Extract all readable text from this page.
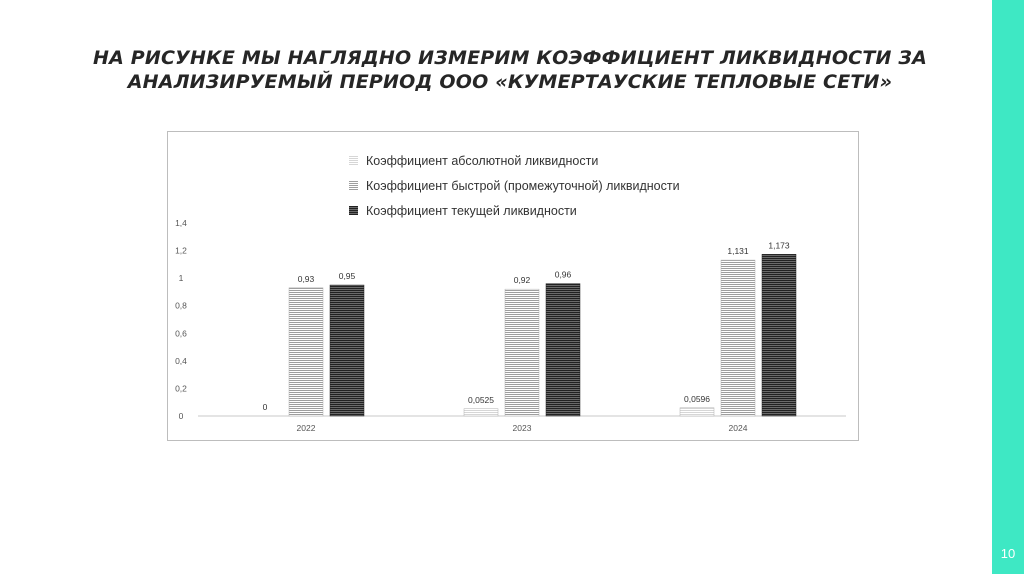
10
НА РИСУНКЕ МЫ НАГЛЯДНО ИЗМЕРИМ КОЭФФИЦИЕНТ ЛИКВИДНОСТИ ЗА
АНАЛИЗИРУЕМЫЙ ПЕРИОД ООО «КУМЕРТАУСКИЕ ТЕПЛОВЫЕ СЕТИ»
0
0,2
0,4
0,6
0,8
1
1,2
1,4
0
0,93	0,95
2022
0,0525
0,92
0,96
2023
0,0596
1,131
1,173
2024
Коэффициент абсолютной ликвидности
Коэффициент быстрой (промежуточной) ликвидности
Коэффициент текущей ликвидности
